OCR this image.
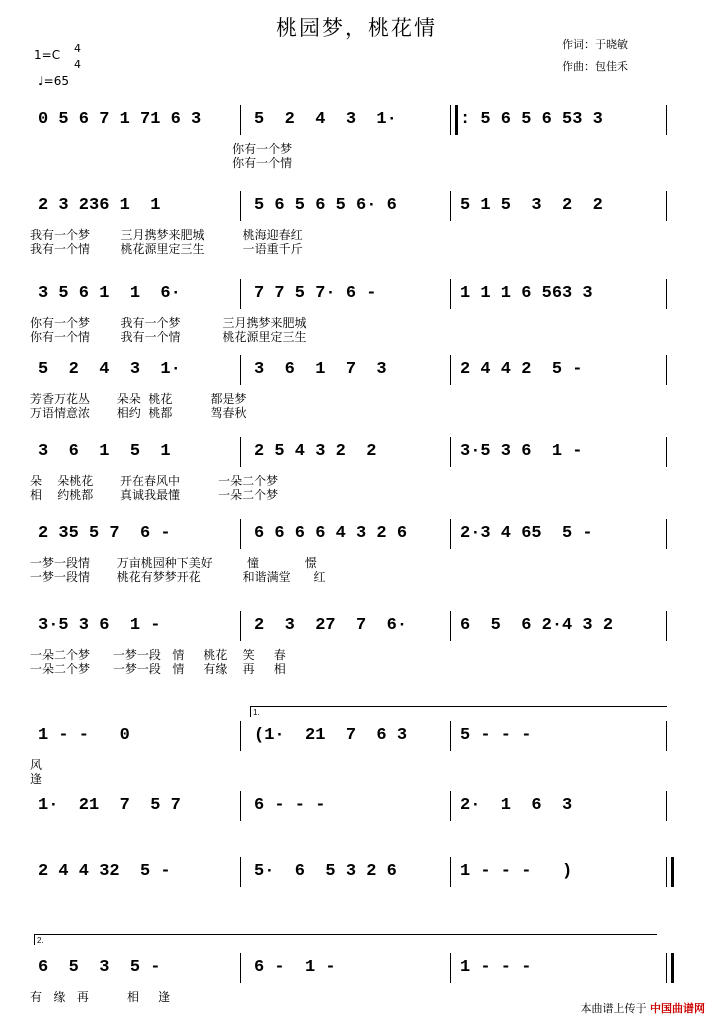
桃园梦，桃花情
作词：于晓敏
作曲：包佳禾
1=C 4
4
♩=65
0 5 6 7 1 71 6 3	5  2  4  3  1·	: 5 6 5 6 53 3
你有一个梦
你有一个情
2 3 236 1  1	5 6 5 6 5 6· 6	5 1 5  3  2  2
我有一个梦        三月携梦来肥城          桃海迎春红
我有一个情        桃花源里定三生          一语重千斤
3 5 6 1  1  6·	7 7 5 7· 6 -	1 1 1 6 563 3
你有一个梦        我有一个梦           三月携梦来肥城
你有一个情        我有一个情           桃花源里定三生
5  2  4  3  1·	3  6  1  7  3	2 4 4 2  5 -
芳香万花丛       朵朵  桃花          都是梦
万语情意浓       相约  桃都          驾春秋
3  6  1  5  1	2 5 4 3 2  2	3·5 3 6  1 -
朵    朵桃花       开在春风中          一朵二个梦
相    约桃都       真诚我最懂          一朵二个梦
2 35 5 7  6 -	6 6 6 6 4 3 2 6	2·3 4 65  5 -
一梦一段情       万亩桃园种下美好         憧            憬
一梦一段情       桃花有梦梦开花           和谐满堂      红
3·5 3 6  1 -	2  3  27  7  6·	6  5  6 2·4 3 2
一朵二个梦      一梦一段   情     桃花    笑     春
一朵二个梦      一梦一段   情     有缘    再     相
1 - -   0	(1·  21  7  6 3	5 - - -
风
逢
1·  21  7  5 7	6 - - -	2·  1  6  3
2 4 4 32  5 -	5·  6  5 3 2 6	1 - - -   )
6  5  3  5 -	6 -  1 -	1 - - -
有   缘   再          相     逢
1.
2.
本曲谱上传于 中国曲谱网
